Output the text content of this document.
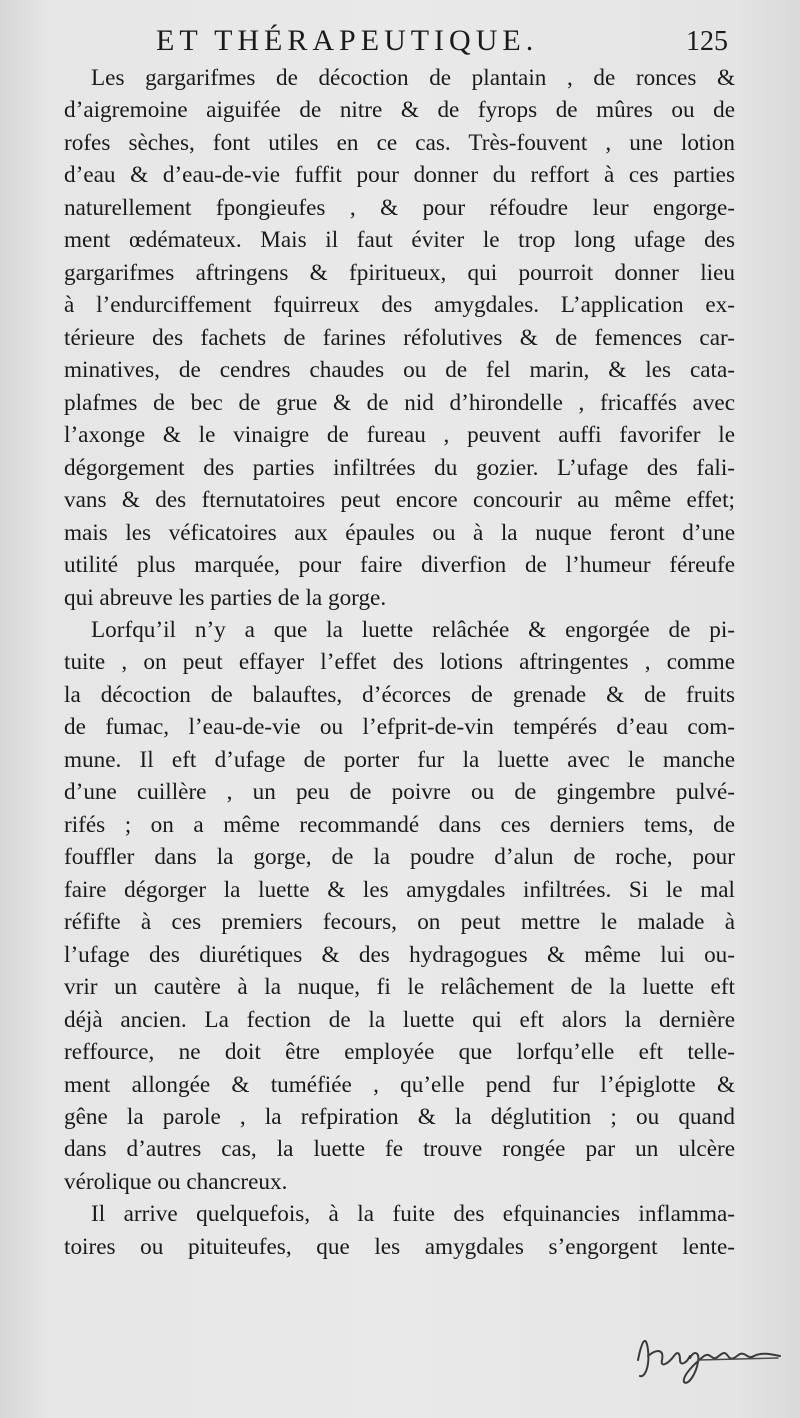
ET THÉRAPEUTIQUE.	125
Les gargarifmes de décoction de plantain , de ronces &
d’aigremoine aiguifée de nitre & de fyrops de mûres ou de
rofes sèches, font utiles en ce cas. Très-fouvent , une lotion
d’eau & d’eau-de-vie fuffit pour donner du reffort à ces parties
naturellement fpongieufes , & pour réfoudre leur engorge-
ment œdémateux. Mais il faut éviter le trop long ufage des
gargarifmes aftringens & fpiritueux, qui pourroit donner lieu
à l’endurciffement fquirreux des amygdales. L’application ex-
térieure des fachets de farines réfolutives & de femences car-
minatives, de cendres chaudes ou de fel marin, & les cata-
plafmes de bec de grue & de nid d’hirondelle , fricaffés avec
l’axonge & le vinaigre de fureau , peuvent auffi favorifer le
dégorgement des parties infiltrées du gozier. L’ufage des fali-
vans & des fternutatoires peut encore concourir au même effet;
mais les véficatoires aux épaules ou à la nuque feront d’une
utilité plus marquée, pour faire diverfion de l’humeur féreufe
qui abreuve les parties de la gorge.
Lorfqu’il n’y a que la luette relâchée & engorgée de pi-
tuite , on peut effayer l’effet des lotions aftringentes , comme
la décoction de balauftes, d’écorces de grenade & de fruits
de fumac, l’eau-de-vie ou l’efprit-de-vin tempérés d’eau com-
mune. Il eft d’ufage de porter fur la luette avec le manche
d’une cuillère , un peu de poivre ou de gingembre pulvé-
rifés ; on a même recommandé dans ces derniers tems, de
fouffler dans la gorge, de la poudre d’alun de roche, pour
faire dégorger la luette & les amygdales infiltrées. Si le mal
réfifte à ces premiers fecours, on peut mettre le malade à
l’ufage des diurétiques & des hydragogues & même lui ou-
vrir un cautère à la nuque, fi le relâchement de la luette eft
déjà ancien. La fection de la luette qui eft alors la dernière
reffource, ne doit être employée que lorfqu’elle eft telle-
ment allongée & tuméfiée , qu’elle pend fur l’épiglotte &
gêne la parole , la refpiration & la déglutition ; ou quand
dans d’autres cas, la luette fe trouve rongée par un ulcère
vérolique ou chancreux.
Il arrive quelquefois, à la fuite des efquinancies inflamma-
toires ou pituiteufes, que les amygdales s’engorgent lente-
